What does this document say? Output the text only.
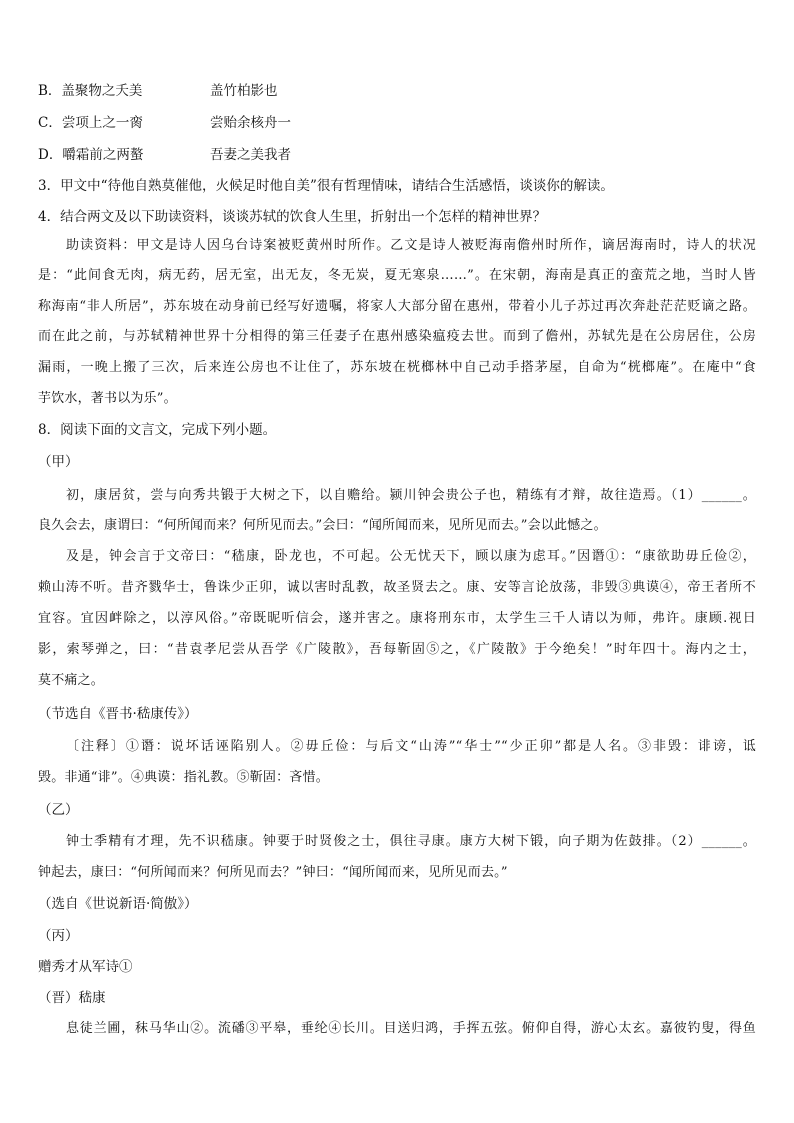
B．盖聚物之夭美	盖竹柏影也
C．尝项上之一脔	尝贻余核舟一
D．嚼霜前之两螯	吾妻之美我者
3．甲文中“待他自熟莫催他，火候足时他自美”很有哲理情味，请结合生活感悟，谈谈你的解读。
4．结合两文及以下助读资料，谈谈苏轼的饮食人生里，折射出一个怎样的精神世界？
助读资料：甲文是诗人因乌台诗案被贬黄州时所作。乙文是诗人被贬海南儋州时所作，谪居海南时，诗人的状况
是：“此间食无肉，病无药，居无室，出无友，冬无炭，夏无寒泉……”。在宋朝，海南是真正的蛮荒之地，当时人皆
称海南“非人所居”，苏东坡在动身前已经写好遗嘱，将家人大部分留在惠州，带着小儿子苏过再次奔赴茫茫贬谪之路。
而在此之前，与苏轼精神世界十分相得的第三任妻子在惠州感染瘟疫去世。而到了儋州，苏轼先是在公房居住，公房
漏雨，一晚上搬了三次，后来连公房也不让住了，苏东坡在桄榔林中自己动手搭茅屋，自命为“桄榔庵”。在庵中“食
芋饮水，著书以为乐”。
8．阅读下面的文言文，完成下列小题。
（甲）
初，康居贫，尝与向秀共锻于大树之下，以自赡给。颍川钟会贵公子也，精练有才辩，故往造焉。（1）______。
良久会去，康谓曰：“何所闻而来？何所见而去。”会曰：“闻所闻而来，见所见而去。”会以此憾之。
及是，钟会言于文帝曰：“嵇康，卧龙也，不可起。公无忧天下，顾以康为虑耳。”因谮①：“康欲助毋丘俭②，
赖山涛不听。昔齐戮华士，鲁诛少正卯，诚以害时乱教，故圣贤去之。康、安等言论放荡，非毁③典谟④，帝王者所不
宜容。宜因衅除之，以淳风俗。”帝既昵听信会，遂并害之。康将刑东市，太学生三千人请以为师，弗许。康顾.视日
影，索琴弹之，曰：“昔袁孝尼尝从吾学《广陵散》，吾每靳固⑤之，《广陵散》于今绝矣！”时年四十。海内之士，
莫不痛之。
（节选自《晋书·嵇康传》）
〔注释〕①谮：说坏话诬陷别人。②毋丘俭：与后文“山涛”“华士”“少正卯”都是人名。③非毁：诽谤，诋
毁。非通“诽”。④典谟：指礼教。⑤靳固：吝惜。
（乙）
钟士季精有才理，先不识嵇康。钟要于时贤俊之士，俱往寻康。康方大树下锻，向子期为佐鼓排。（2）______。
钟起去，康曰：“何所闻而来？何所见而去？”钟曰：“闻所闻而来，见所见而去。”
（选自《世说新语·简傲》）
（丙）
赠秀才从军诗①
（晋）嵇康
息徒兰圃，秣马华山②。流磻③平皋，垂纶④长川。目送归鸿，手挥五弦。俯仰自得，游心太玄。嘉彼钓叟，得鱼
